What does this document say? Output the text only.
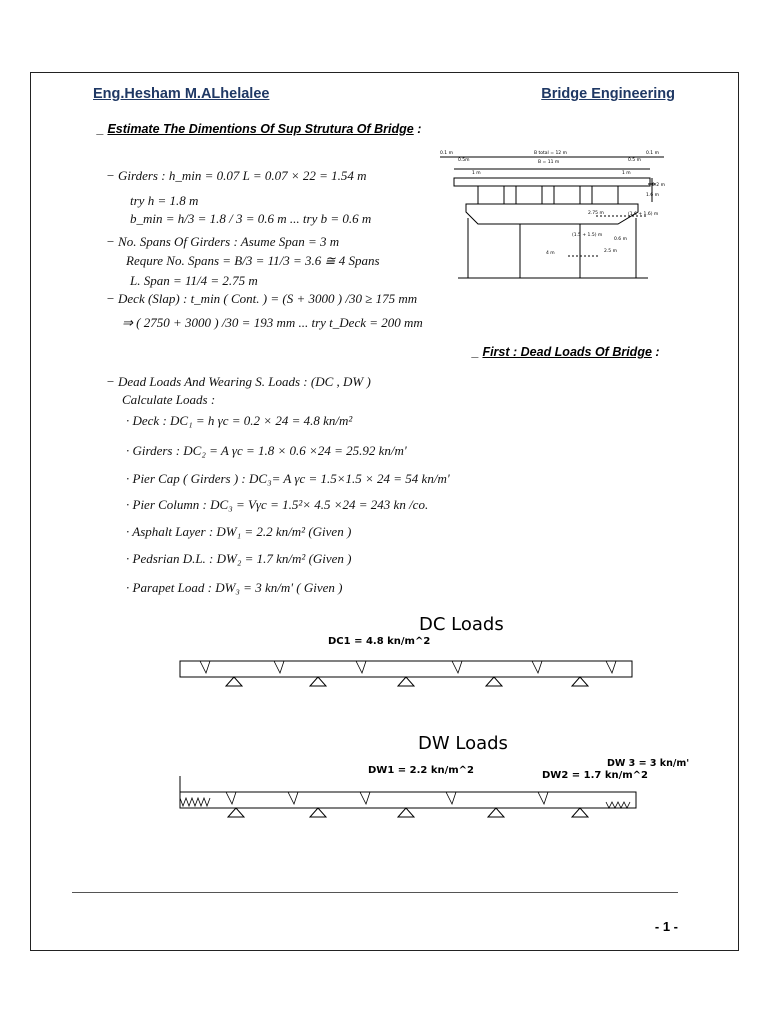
Eng.Hesham M.ALhelalee	Bridge Engineering
_ Estimate The Dimentions Of Sup Strutura Of Bridge :
− Girders : h_min = 0.07 L = 0.07 × 22 = 1.54 m
try h = 1.8 m
b_min = h/3 = 1.8 / 3 = 0.6 m ... try b = 0.6 m
− No. Spans Of Girders : Asume Span = 3 m
Requre No. Spans = B/3 = 11/3 = 3.6 ≅ 4 Spans
L. Span = 11/4 = 2.75 m
− Deck (Slap) : t_min ( Cont. ) = (S + 3000 ) /30 ≥ 175 mm
⇒ ( 2750 + 3000 ) /30 = 193 mm ... try t_Deck = 200 mm
0.1 m
0.5m
B total = 12 m
0.5 m
0.1 m
B = 11 m
1 m	1 m
0.2 m
1.6 m
2.75 m	(1.6 + 1.6) m
(1.5 + 1.5) m
0.6 m
4 m	2.5 m
_ First : Dead Loads Of Bridge :
− Dead Loads And Wearing S. Loads : (DC , DW )
Calculate Loads :
· Deck : DC₁ = h γc = 0.2 × 24 = 4.8 kn/m²
· Girders : DC₂ = A γc = 1.8 × 0.6 ×24 = 25.92 kn/m'
· Pier Cap ( Girders ) : DC₃= A γc = 1.5×1.5 × 24 = 54 kn/m'
· Pier Column : DC₃ = Vγc = 1.5²× 4.5 ×24 = 243 kn /co.
· Asphalt Layer : DW₁ = 2.2 kn/m² (Given )
· Pedsrian D.L. : DW₂ = 1.7 kn/m² (Given )
· Parapet Load : DW₃ = 3 kn/m' ( Given )
DC Loads
DC1 = 4.8 kn/m^2
DW Loads
DW1 = 2.2 kn/m^2
DW 3 = 3 kn/m'
DW2 = 1.7 kn/m^2
- 1 -
